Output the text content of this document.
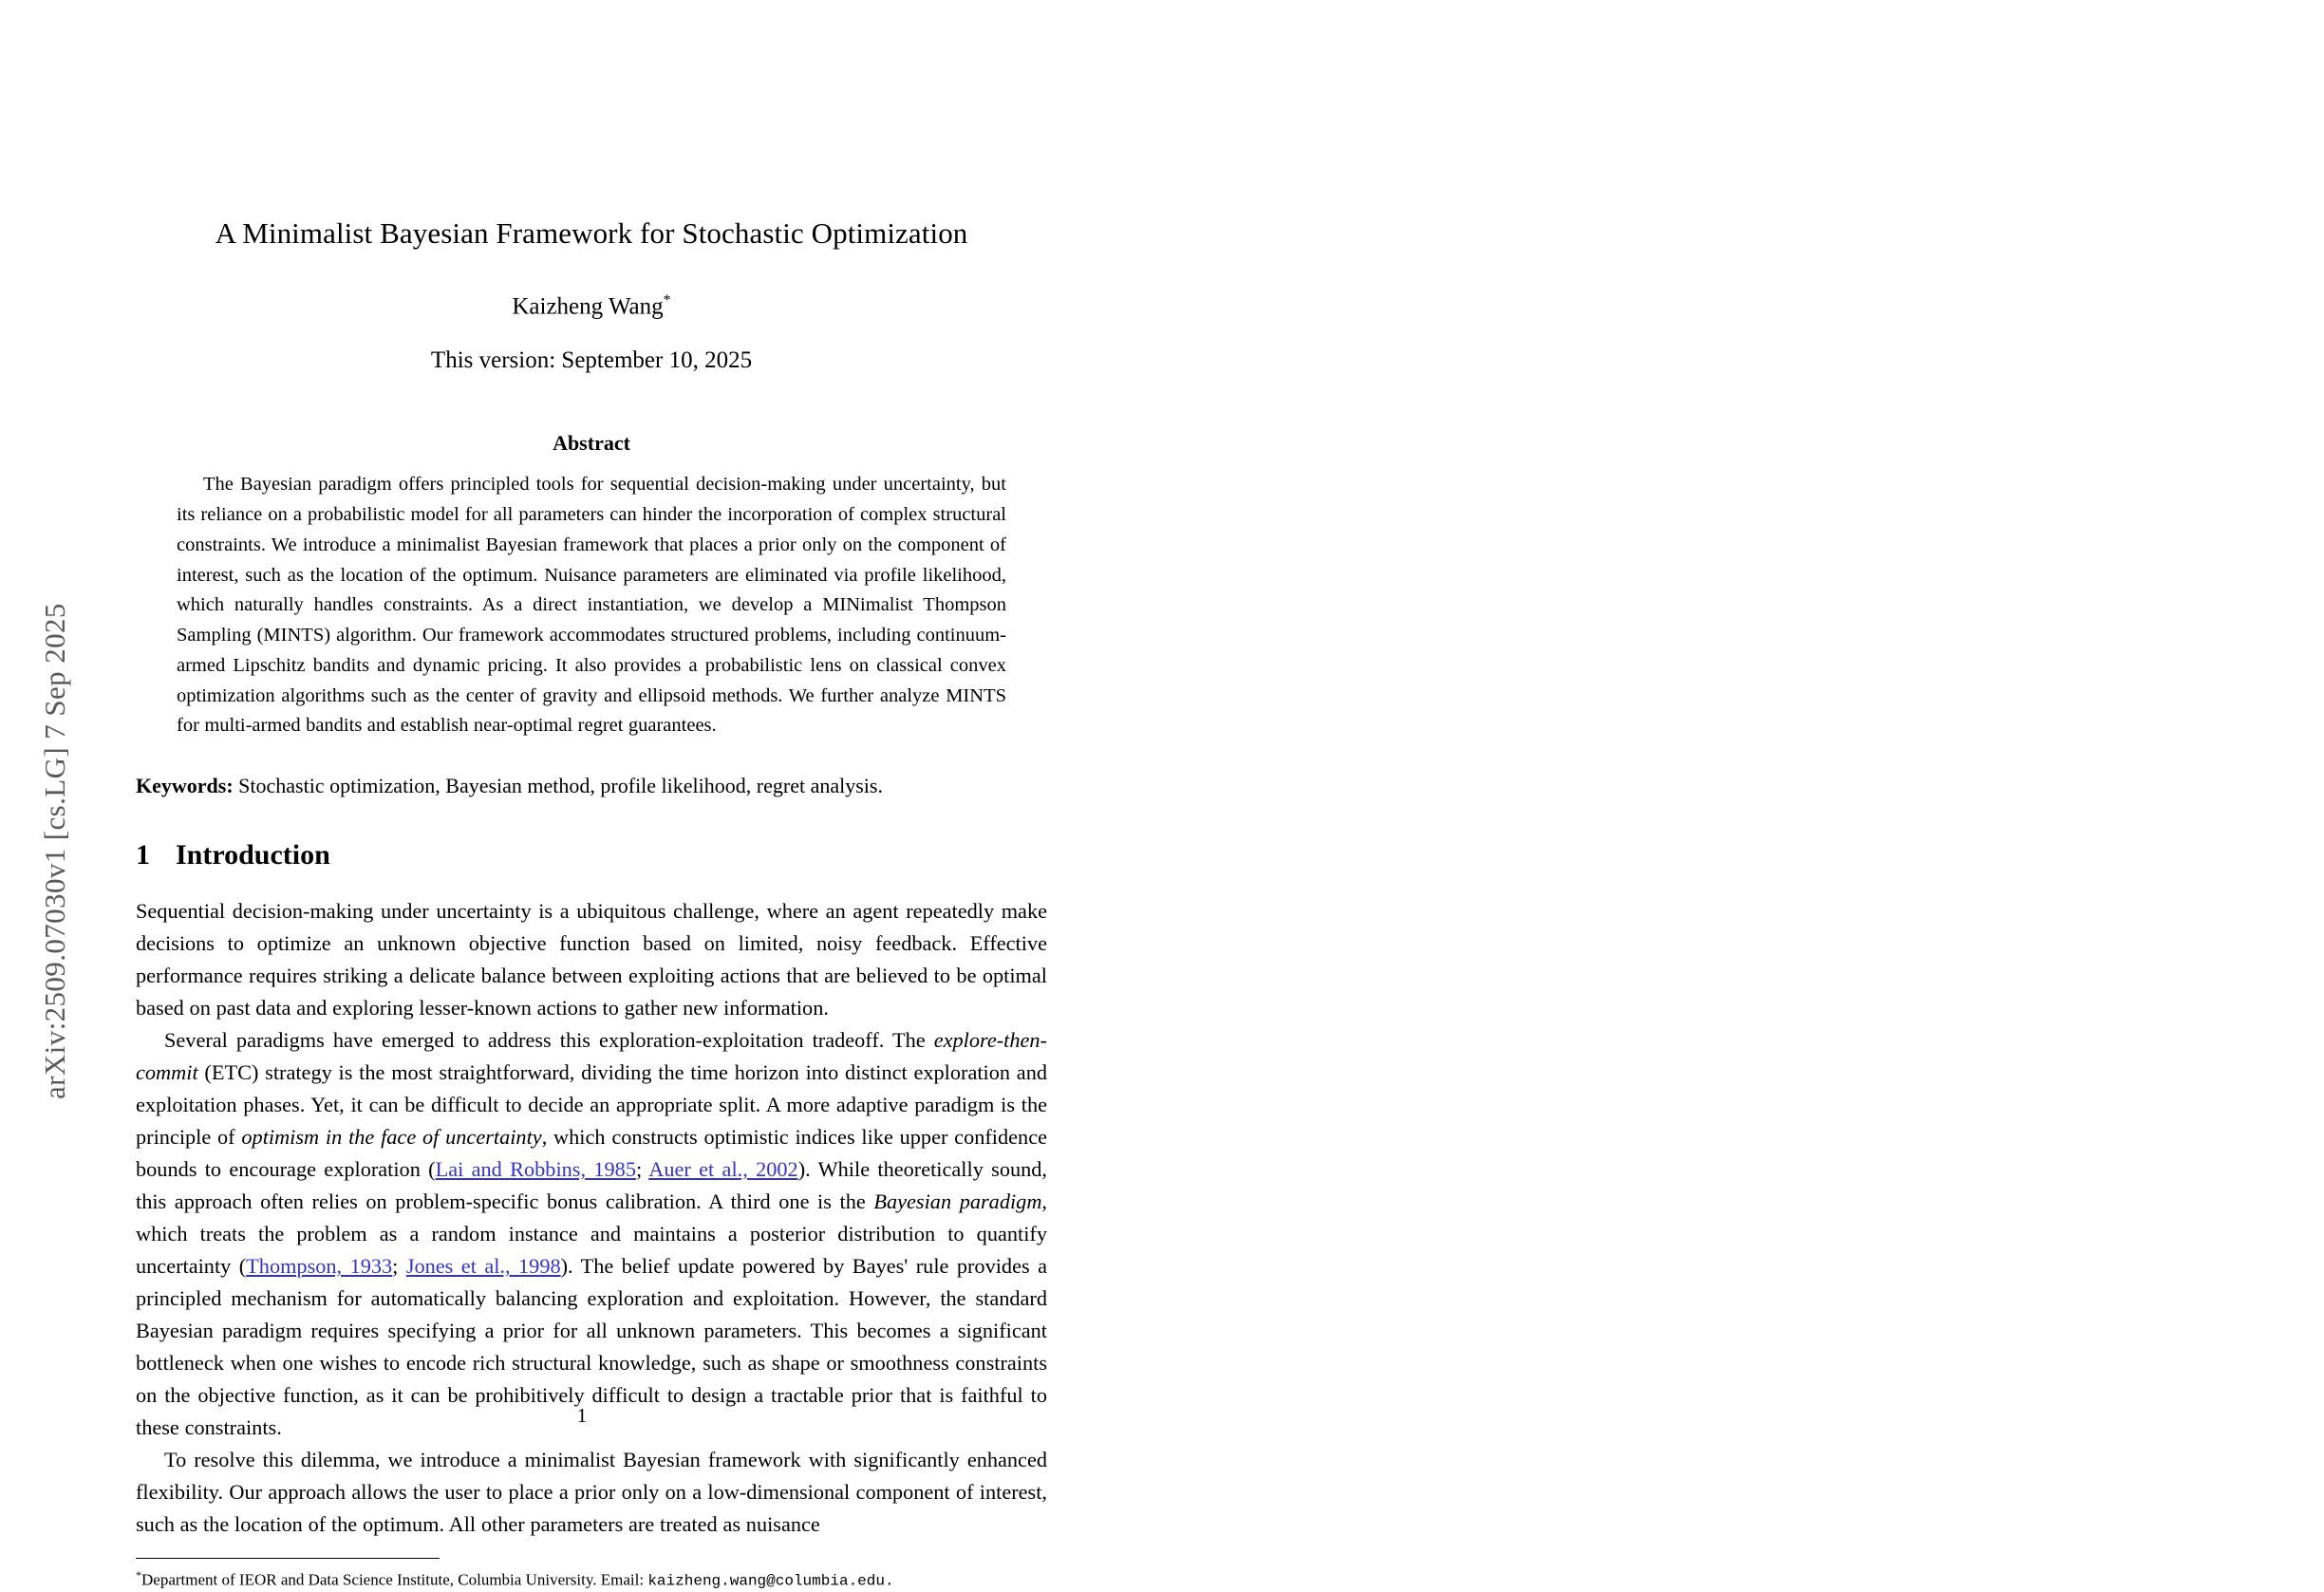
arXiv:2509.07030v1 [cs.LG] 7 Sep 2025
A Minimalist Bayesian Framework for Stochastic Optimization
Kaizheng Wang*
This version: September 10, 2025
Abstract
The Bayesian paradigm offers principled tools for sequential decision-making under uncertainty, but its reliance on a probabilistic model for all parameters can hinder the incorporation of complex structural constraints. We introduce a minimalist Bayesian framework that places a prior only on the component of interest, such as the location of the optimum. Nuisance parameters are eliminated via profile likelihood, which naturally handles constraints. As a direct instantiation, we develop a MINimalist Thompson Sampling (MINTS) algorithm. Our framework accommodates structured problems, including continuum-armed Lipschitz bandits and dynamic pricing. It also provides a probabilistic lens on classical convex optimization algorithms such as the center of gravity and ellipsoid methods. We further analyze MINTS for multi-armed bandits and establish near-optimal regret guarantees.
Keywords: Stochastic optimization, Bayesian method, profile likelihood, regret analysis.
1 Introduction

Sequential decision-making under uncertainty is a ubiquitous challenge, where an agent repeatedly make decisions to optimize an unknown objective function based on limited, noisy feedback. Effective performance requires striking a delicate balance between exploiting actions that are believed to be optimal based on past data and exploring lesser-known actions to gather new information.

Several paradigms have emerged to address this exploration-exploitation tradeoff. The explore-then-commit (ETC) strategy is the most straightforward, dividing the time horizon into distinct exploration and exploitation phases. Yet, it can be difficult to decide an appropriate split. A more adaptive paradigm is the principle of optimism in the face of uncertainty, which constructs optimistic indices like upper confidence bounds to encourage exploration (Lai and Robbins, 1985; Auer et al., 2002). While theoretically sound, this approach often relies on problem-specific bonus calibration. A third one is the Bayesian paradigm, which treats the problem as a random instance and maintains a posterior distribution to quantify uncertainty (Thompson, 1933; Jones et al., 1998). The belief update powered by Bayes' rule provides a principled mechanism for automatically balancing exploration and exploitation. However, the standard Bayesian paradigm requires specifying a prior for all unknown parameters. This becomes a significant bottleneck when one wishes to encode rich structural knowledge, such as shape or smoothness constraints on the objective function, as it can be prohibitively difficult to design a tractable prior that is faithful to these constraints.

To resolve this dilemma, we introduce a minimalist Bayesian framework with significantly enhanced flexibility. Our approach allows the user to place a prior only on a low-dimensional component of interest, such as the location of the optimum. All other parameters are treated as nuisance

*Department of IEOR and Data Science Institute, Columbia University. Email: kaizheng.wang@columbia.edu.
1
